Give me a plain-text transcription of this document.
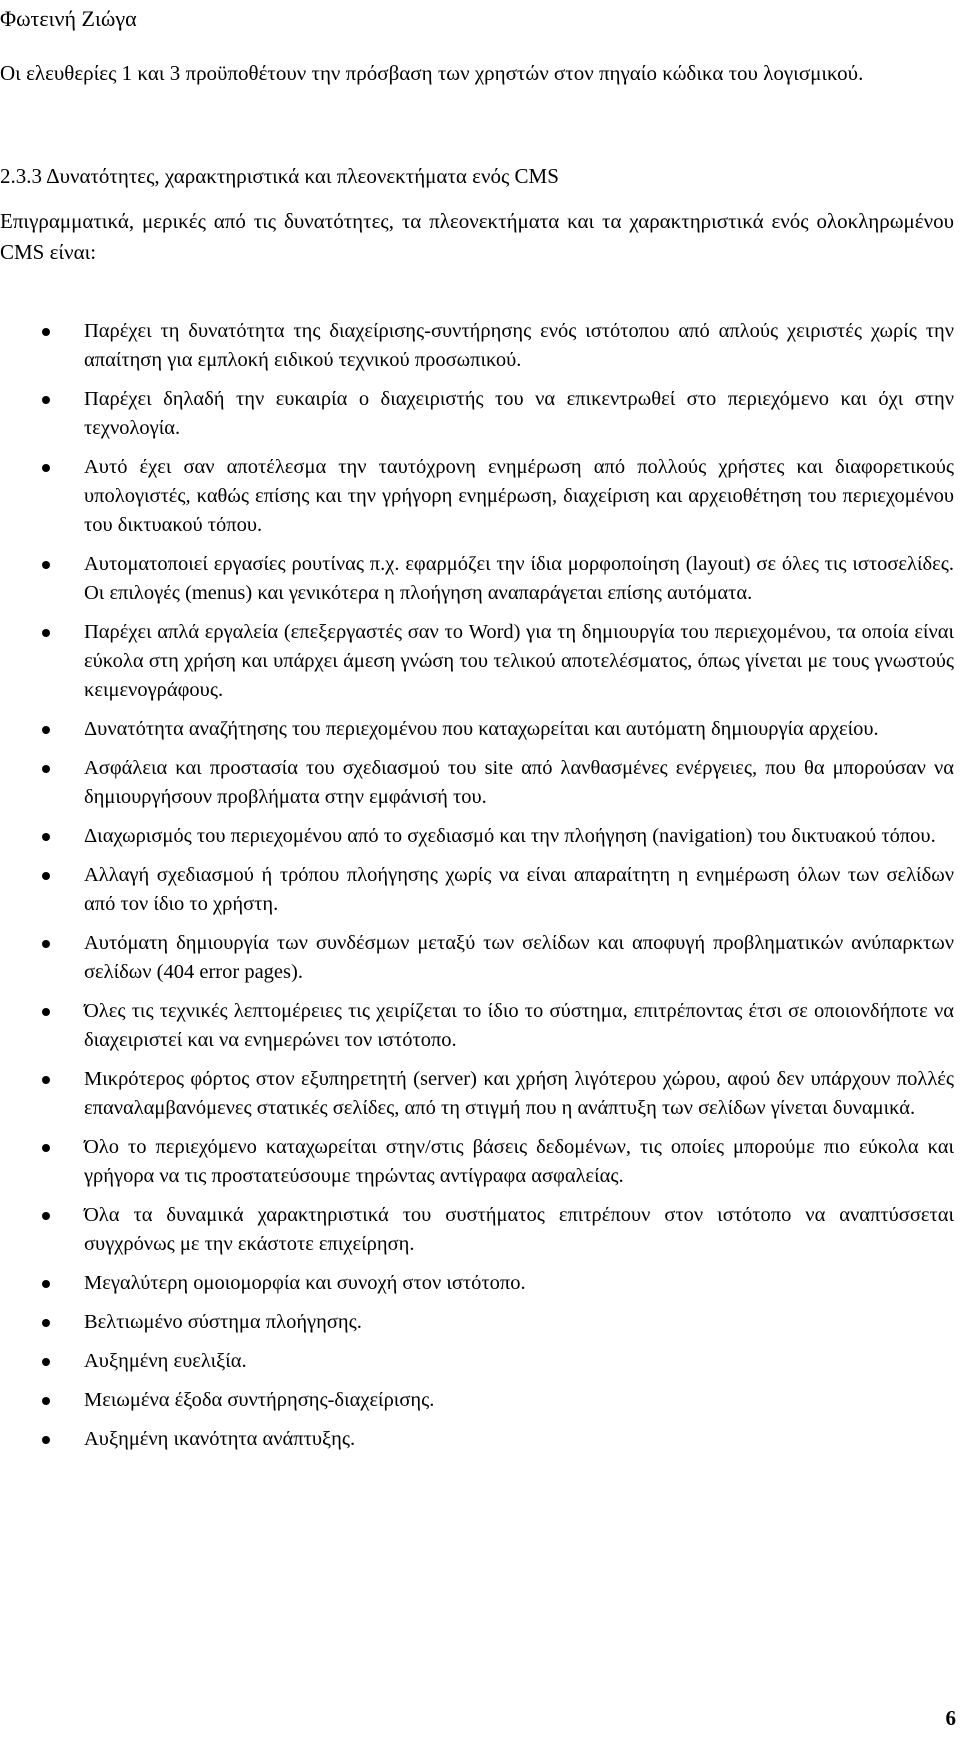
Φωτεινή Ζιώγα

Οι ελευθερίες 1 και 3 προϋποθέτουν την πρόσβαση των χρηστών στον πηγαίο κώδικα του λογισμικού.

2.3.3 Δυνατότητες, χαρακτηριστικά και πλεονεκτήματα ενός CMS

Επιγραμματικά, μερικές από τις δυνατότητες, τα πλεονεκτήματα και τα χαρακτηριστικά ενός ολοκληρωμένου CMS είναι:

Παρέχει τη δυνατότητα της διαχείρισης-συντήρησης ενός ιστότοπου από απλούς χειριστές χωρίς την απαίτηση για εμπλοκή ειδικού τεχνικού προσωπικού.
Παρέχει δηλαδή την ευκαιρία ο διαχειριστής του να επικεντρωθεί στο περιεχόμενο και όχι στην τεχνολογία.
Αυτό έχει σαν αποτέλεσμα την ταυτόχρονη ενημέρωση από πολλούς χρήστες και διαφορετικούς υπολογιστές, καθώς επίσης και την γρήγορη ενημέρωση, διαχείριση και αρχειοθέτηση του περιεχομένου του δικτυακού τόπου.
Αυτοματοποιεί εργασίες ρουτίνας π.χ. εφαρμόζει την ίδια μορφοποίηση (layout) σε όλες τις ιστοσελίδες. Οι επιλογές (menus) και γενικότερα η πλοήγηση αναπαράγεται επίσης αυτόματα.
Παρέχει απλά εργαλεία (επεξεργαστές σαν το Word) για τη δημιουργία του περιεχομένου, τα οποία είναι εύκολα στη χρήση και υπάρχει άμεση γνώση του τελικού αποτελέσματος, όπως γίνεται με τους γνωστούς κειμενογράφους.
Δυνατότητα αναζήτησης του περιεχομένου που καταχωρείται και αυτόματη δημιουργία αρχείου.
Ασφάλεια και προστασία του σχεδιασμού του site από λανθασμένες ενέργειες, που θα μπορούσαν να δημιουργήσουν προβλήματα στην εμφάνισή του.
Διαχωρισμός του περιεχομένου από το σχεδιασμό και την πλοήγηση (navigation) του δικτυακού τόπου.
Αλλαγή σχεδιασμού ή τρόπου πλοήγησης χωρίς να είναι απαραίτητη η ενημέρωση όλων των σελίδων από τον ίδιο το χρήστη.
Αυτόματη δημιουργία των συνδέσμων μεταξύ των σελίδων και αποφυγή προβληματικών ανύπαρκτων σελίδων (404 error pages).
Όλες τις τεχνικές λεπτομέρειες τις χειρίζεται το ίδιο το σύστημα, επιτρέποντας έτσι σε οποιονδήποτε να διαχειριστεί και να ενημερώνει τον ιστότοπο.
Μικρότερος φόρτος στον εξυπηρετητή (server) και χρήση λιγότερου χώρου, αφού δεν υπάρχουν πολλές επαναλαμβανόμενες στατικές σελίδες, από τη στιγμή που η ανάπτυξη των σελίδων γίνεται δυναμικά.
Όλο το περιεχόμενο καταχωρείται στην/στις βάσεις δεδομένων, τις οποίες μπορούμε πιο εύκολα και γρήγορα να τις προστατεύσουμε τηρώντας αντίγραφα ασφαλείας.
Όλα τα δυναμικά χαρακτηριστικά του συστήματος επιτρέπουν στον ιστότοπο να αναπτύσσεται συγχρόνως με την εκάστοτε επιχείρηση.
Μεγαλύτερη ομοιομορφία και συνοχή στον ιστότοπο.
Βελτιωμένο σύστημα πλοήγησης.
Αυξημένη ευελιξία.
Μειωμένα έξοδα συντήρησης-διαχείρισης.
Αυξημένη ικανότητα ανάπτυξης.

6
